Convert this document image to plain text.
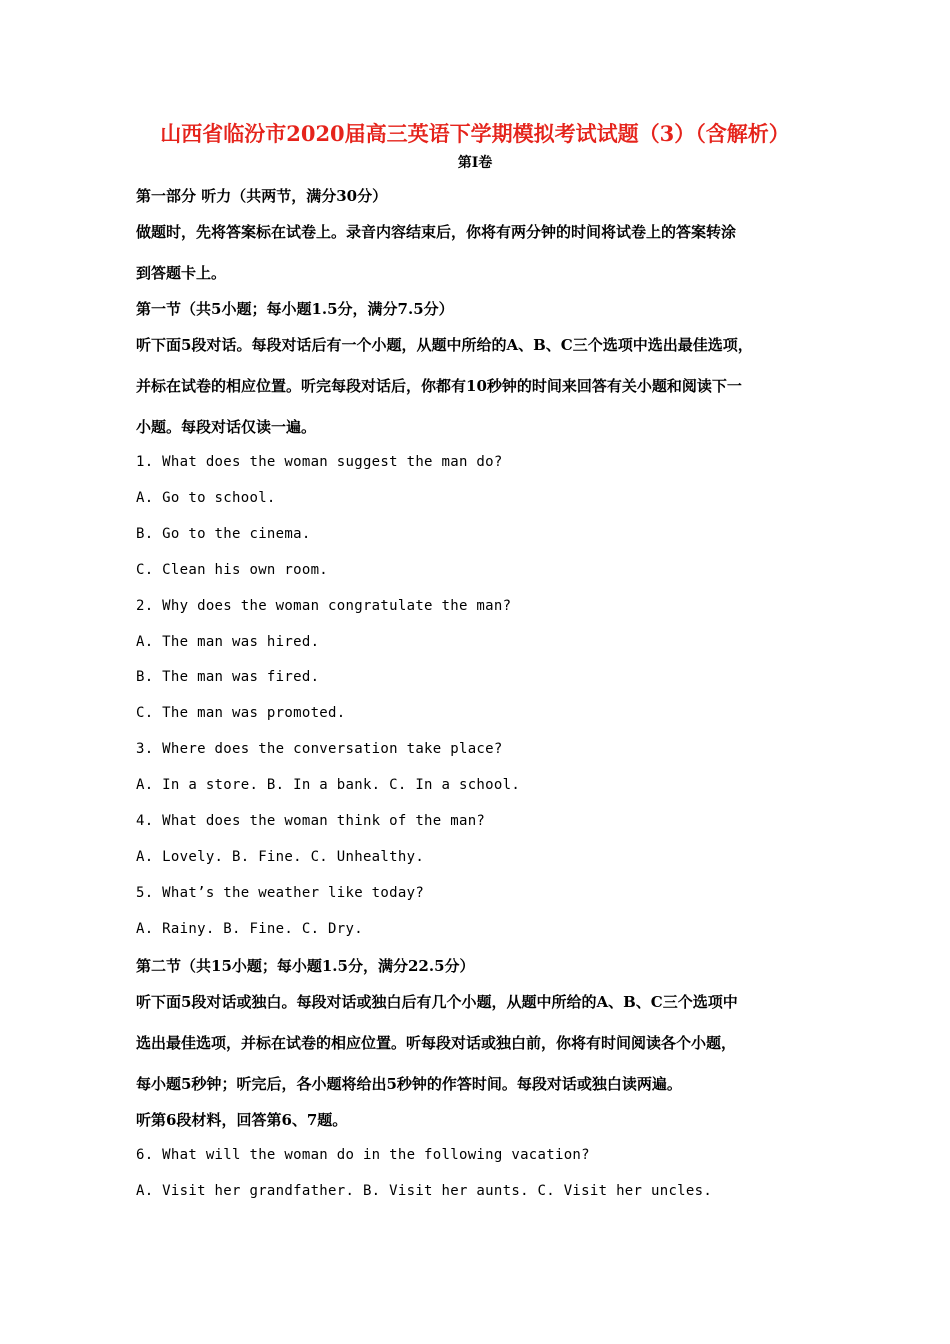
山西省临汾市2020届高三英语下学期模拟考试试题（3）（含解析）
第Ⅰ卷
第一部分 听力（共两节，满分30分）
做题时，先将答案标在试卷上。录音内容结束后，你将有两分钟的时间将试卷上的答案转涂
到答题卡上。
第一节（共5小题；每小题1.5分，满分7.5分）
听下面5段对话。每段对话后有一个小题，从题中所给的A、B、C三个选项中选出最佳选项，
并标在试卷的相应位置。听完每段对话后，你都有10秒钟的时间来回答有关小题和阅读下一
小题。每段对话仅读一遍。
1. What does the woman suggest the man do?
A. Go to school.
B. Go to the cinema.
C. Clean his own room.
2. Why does the woman congratulate the man?
A. The man was hired.
B. The man was fired.
C. The man was promoted.
3. Where does the conversation take place?
A. In a store. B. In a bank. C. In a school.
4. What does the woman think of the man?
A. Lovely. B. Fine. C. Unhealthy.
5. What’s the weather like today?
A. Rainy. B. Fine. C. Dry.
第二节（共15小题；每小题1.5分，满分22.5分）
听下面5段对话或独白。每段对话或独白后有几个小题，从题中所给的A、B、C三个选项中
选出最佳选项，并标在试卷的相应位置。听每段对话或独白前，你将有时间阅读各个小题，
每小题5秒钟；听完后，各小题将给出5秒钟的作答时间。每段对话或独白读两遍。
听第6段材料，回答第6、7题。
6. What will the woman do in the following vacation?
A. Visit her grandfather. B. Visit her aunts. C. Visit her uncles.
